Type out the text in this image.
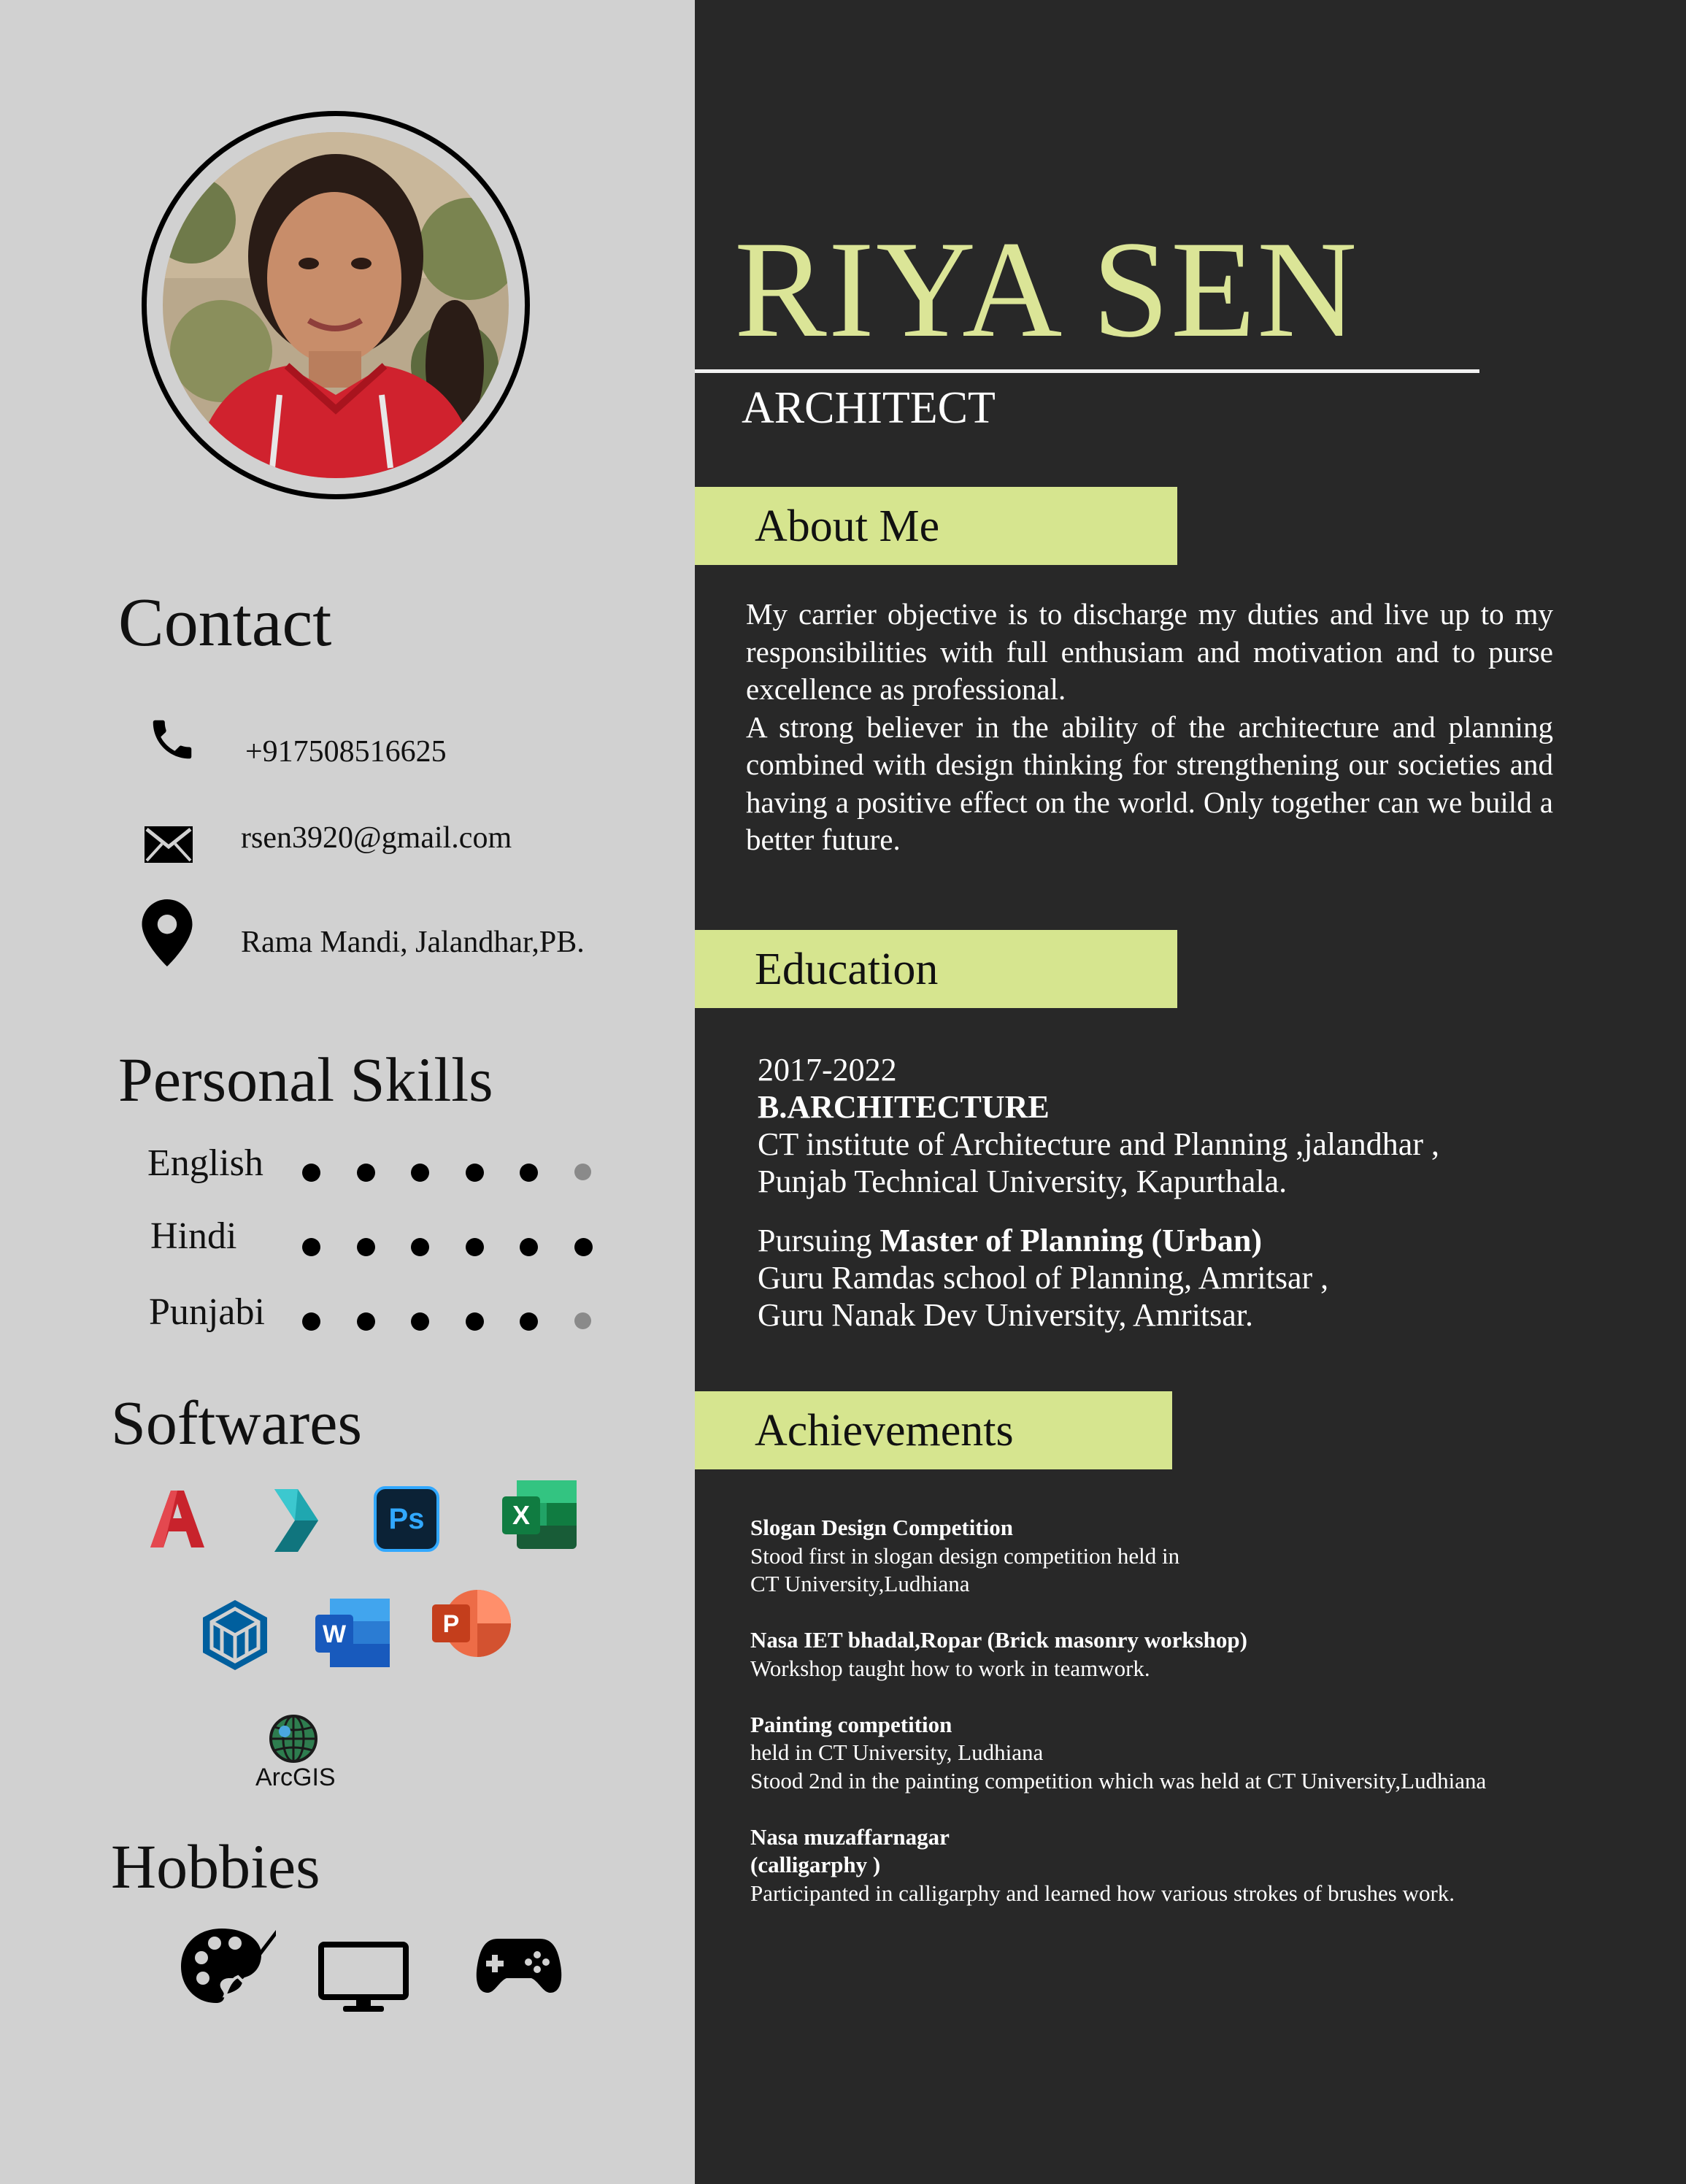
Contact
+917508516625
rsen3920@gmail.com
Rama Mandi, Jalandhar,PB.
Personal Skills
English
Hindi
Punjabi
Softwares
Ps	X
W	P
ArcGIS
Hobbies
RIYA SEN
ARCHITECT
About Me

My carrier objective is to discharge my duties and live up to my responsibilities with full enthusiam and motivation and to purse excellence as professional.

A strong believer in the ability of the architecture and planning combined with design thinking for strengthening our societies and having a positive effect on the world. Only together can we build a better future.

Education
2017-2022
B.ARCHITECTURE
CT institute of Architecture and Planning ,jalandhar ,
Punjab Technical University, Kapurthala.
Pursuing Master of Planning (Urban)
Guru Ramdas school of Planning, Amritsar ,
Guru Nanak Dev University, Amritsar.
Achievements
Slogan Design Competition
Stood first in slogan design competition held in
CT University,Ludhiana
Nasa IET bhadal,Ropar (Brick masonry workshop)
Workshop taught how to work in teamwork.
Painting competition
held in CT University, Ludhiana
Stood 2nd in the painting competition which was held at CT University,Ludhiana
Nasa muzaffarnagar
(calligarphy )
Participanted in calligarphy and learned how various strokes of brushes work.
